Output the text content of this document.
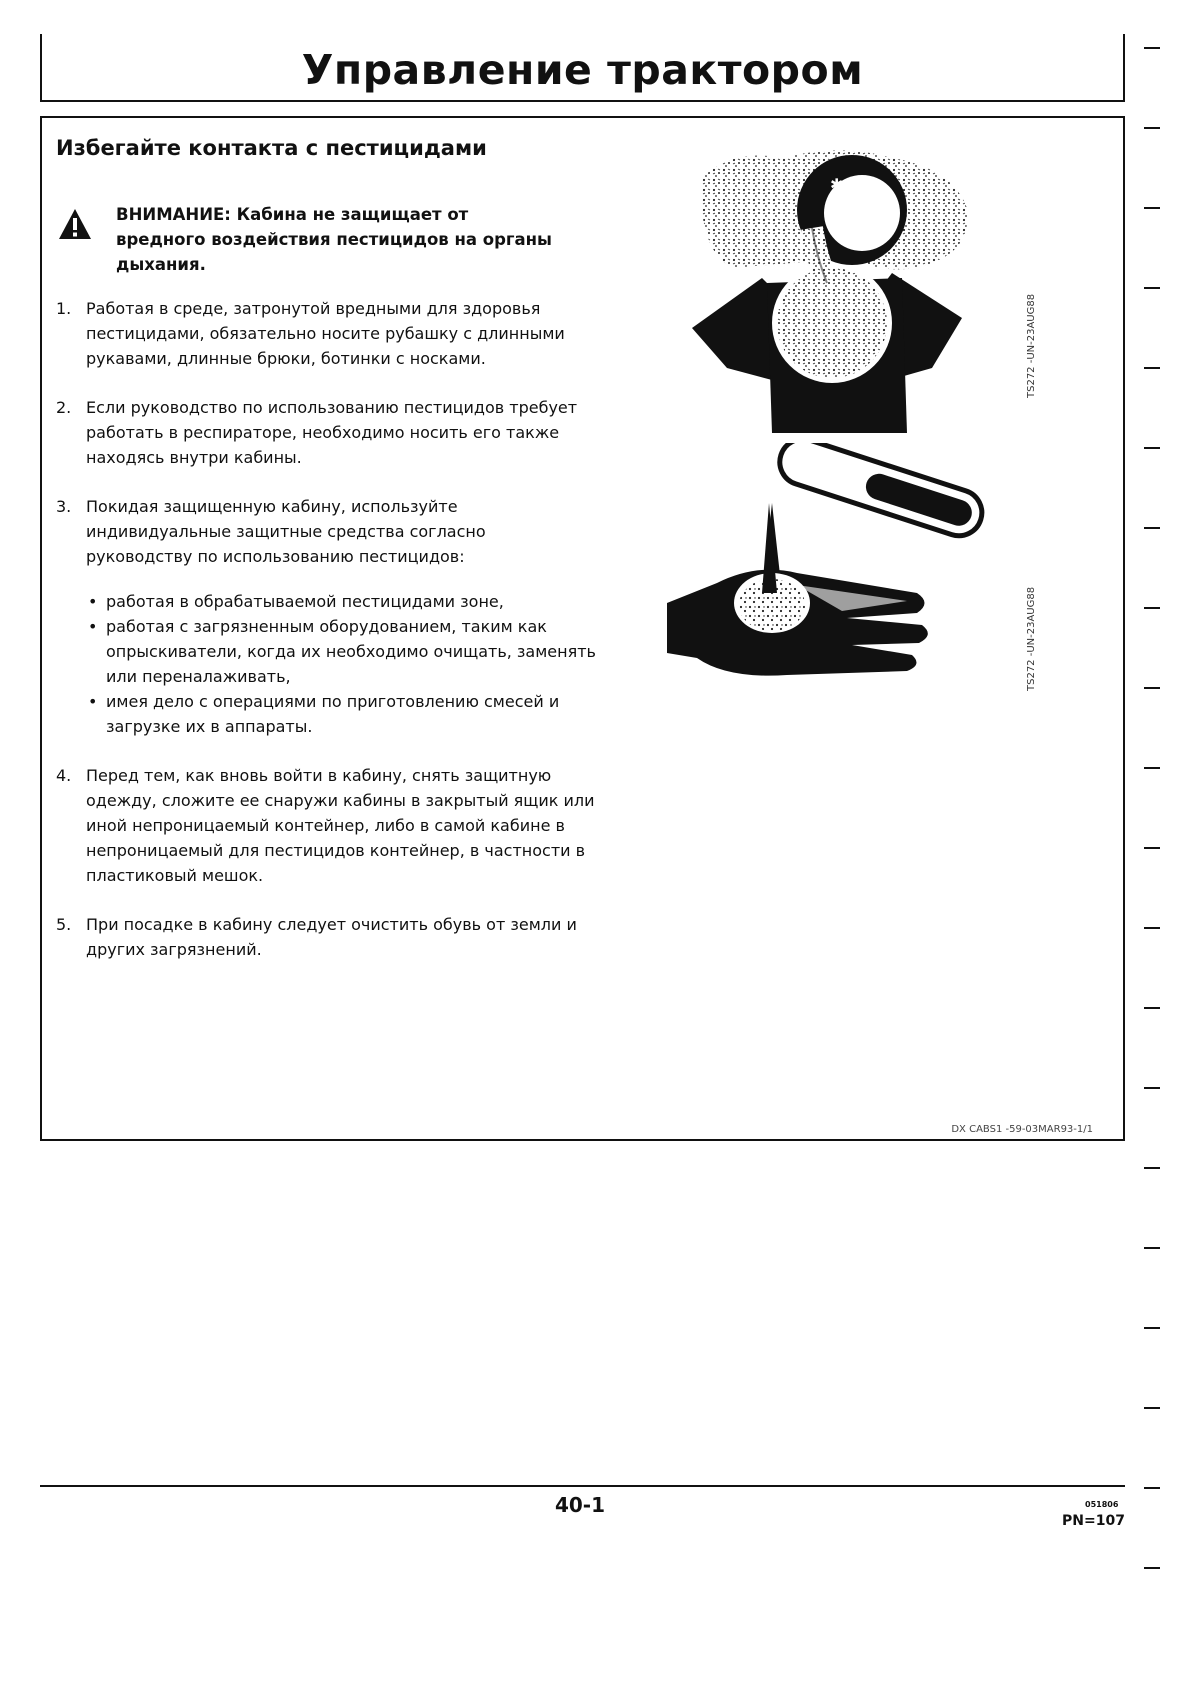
Управление трактором
Избегайте контакта с пестицидами
ВНИМАНИЕ: Кабина не защищает от вредного воздействия пестицидов на органы дыхания.
1. Работая в среде, затронутой вредными для здоровья пестицидами, обязательно носите рубашку с длинными рукавами, длинные брюки, ботинки с носками.
2. Если руководство по использованию пестицидов требует работать в респираторе, необходимо носить его также находясь внутри кабины.
3. Покидая защищенную кабину, используйте индивидуальные защитные средства согласно руководству по использованию пестицидов:
• работая в обрабатываемой пестицидами зоне,
• работая с загрязненным оборудованием, таким как опрыскиватели, когда их необходимо очищать, заменять или переналаживать,
• имея дело с операциями по приготовлению смесей и загрузке их в аппараты.
4. Перед тем, как вновь войти в кабину, снять защитную одежду, сложите ее снаружи кабины в закрытый ящик или иной непроницаемый контейнер, либо в самой кабине в непроницаемый для пестицидов контейнер, в частности в пластиковый мешок.
5. При посадке в кабину следует очистить обувь от земли и других загрязнений.
✱
TS272 -UN-23AUG88
TS272 -UN-23AUG88
DX CABS1 -59-03MAR93-1/1
40-1	051806
PN=107
